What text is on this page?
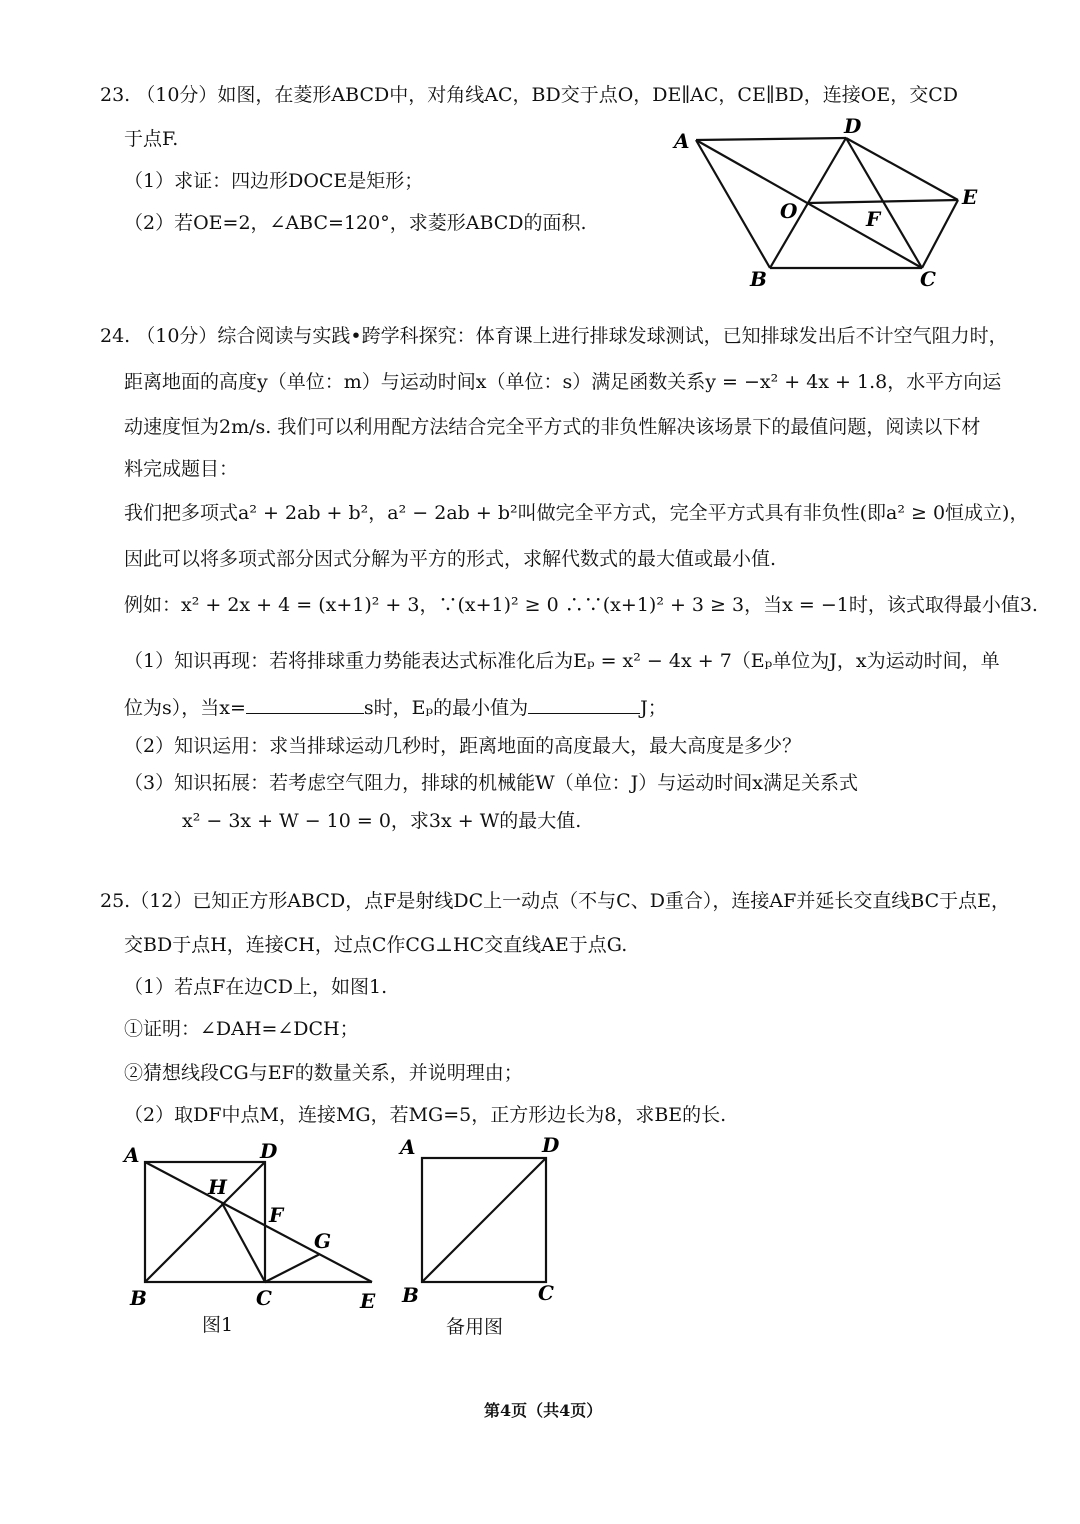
23. （10分）如图，在菱形ABCD中，对角线AC，BD交于点O，DE∥AC，CE∥BD，连接OE，交CD
于点F.
（1）求证：四边形DOCE是矩形；
（2）若OE=2，∠ABC=120°，求菱形ABCD的面积.
A
D
E
O	F
B	C
24. （10分）综合阅读与实践•跨学科探究：体育课上进行排球发球测试，已知排球发出后不计空气阻力时，
距离地面的高度y（单位：m）与运动时间x（单位：s）满足函数关系y = −x² + 4x + 1.8，水平方向运
动速度恒为2m/s. 我们可以利用配方法结合完全平方式的非负性解决该场景下的最值问题，阅读以下材
料完成题目：
我们把多项式a² + 2ab + b²，a² − 2ab + b²叫做完全平方式，完全平方式具有非负性(即a² ≥ 0恒成立)，
因此可以将多项式部分因式分解为平方的形式，求解代数式的最大值或最小值.
例如：x² + 2x + 4 = (x+1)² + 3，∵(x+1)² ≥ 0 ∴∵(x+1)² + 3 ≥ 3，当x = −1时，该式取得最小值3.
（1）知识再现：若将排球重力势能表达式标准化后为Eₚ = x² − 4x + 7（Eₚ单位为J，x为运动时间，单
位为s），当x=	s时，Eₚ的最小值为	J；
（2）知识运用：求当排球运动几秒时，距离地面的高度最大，最大高度是多少？
（3）知识拓展：若考虑空气阻力，排球的机械能W（单位：J）与运动时间x满足关系式
x² − 3x + W − 10 = 0，求3x + W的最大值.
25.（12）已知正方形ABCD，点F是射线DC上一动点（不与C、D重合），连接AF并延长交直线BC于点E，
交BD于点H，连接CH，过点C作CG⊥HC交直线AE于点G.
（1）若点F在边CD上，如图1.
①证明：∠DAH=∠DCH；
②猜想线段CG与EF的数量关系，并说明理由；
（2）取DF中点M，连接MG，若MG=5，正方形边长为8，求BE的长.
A	D
H
F
G
B	C	E
图1
A	D
B	C
备用图
第4页（共4页）
